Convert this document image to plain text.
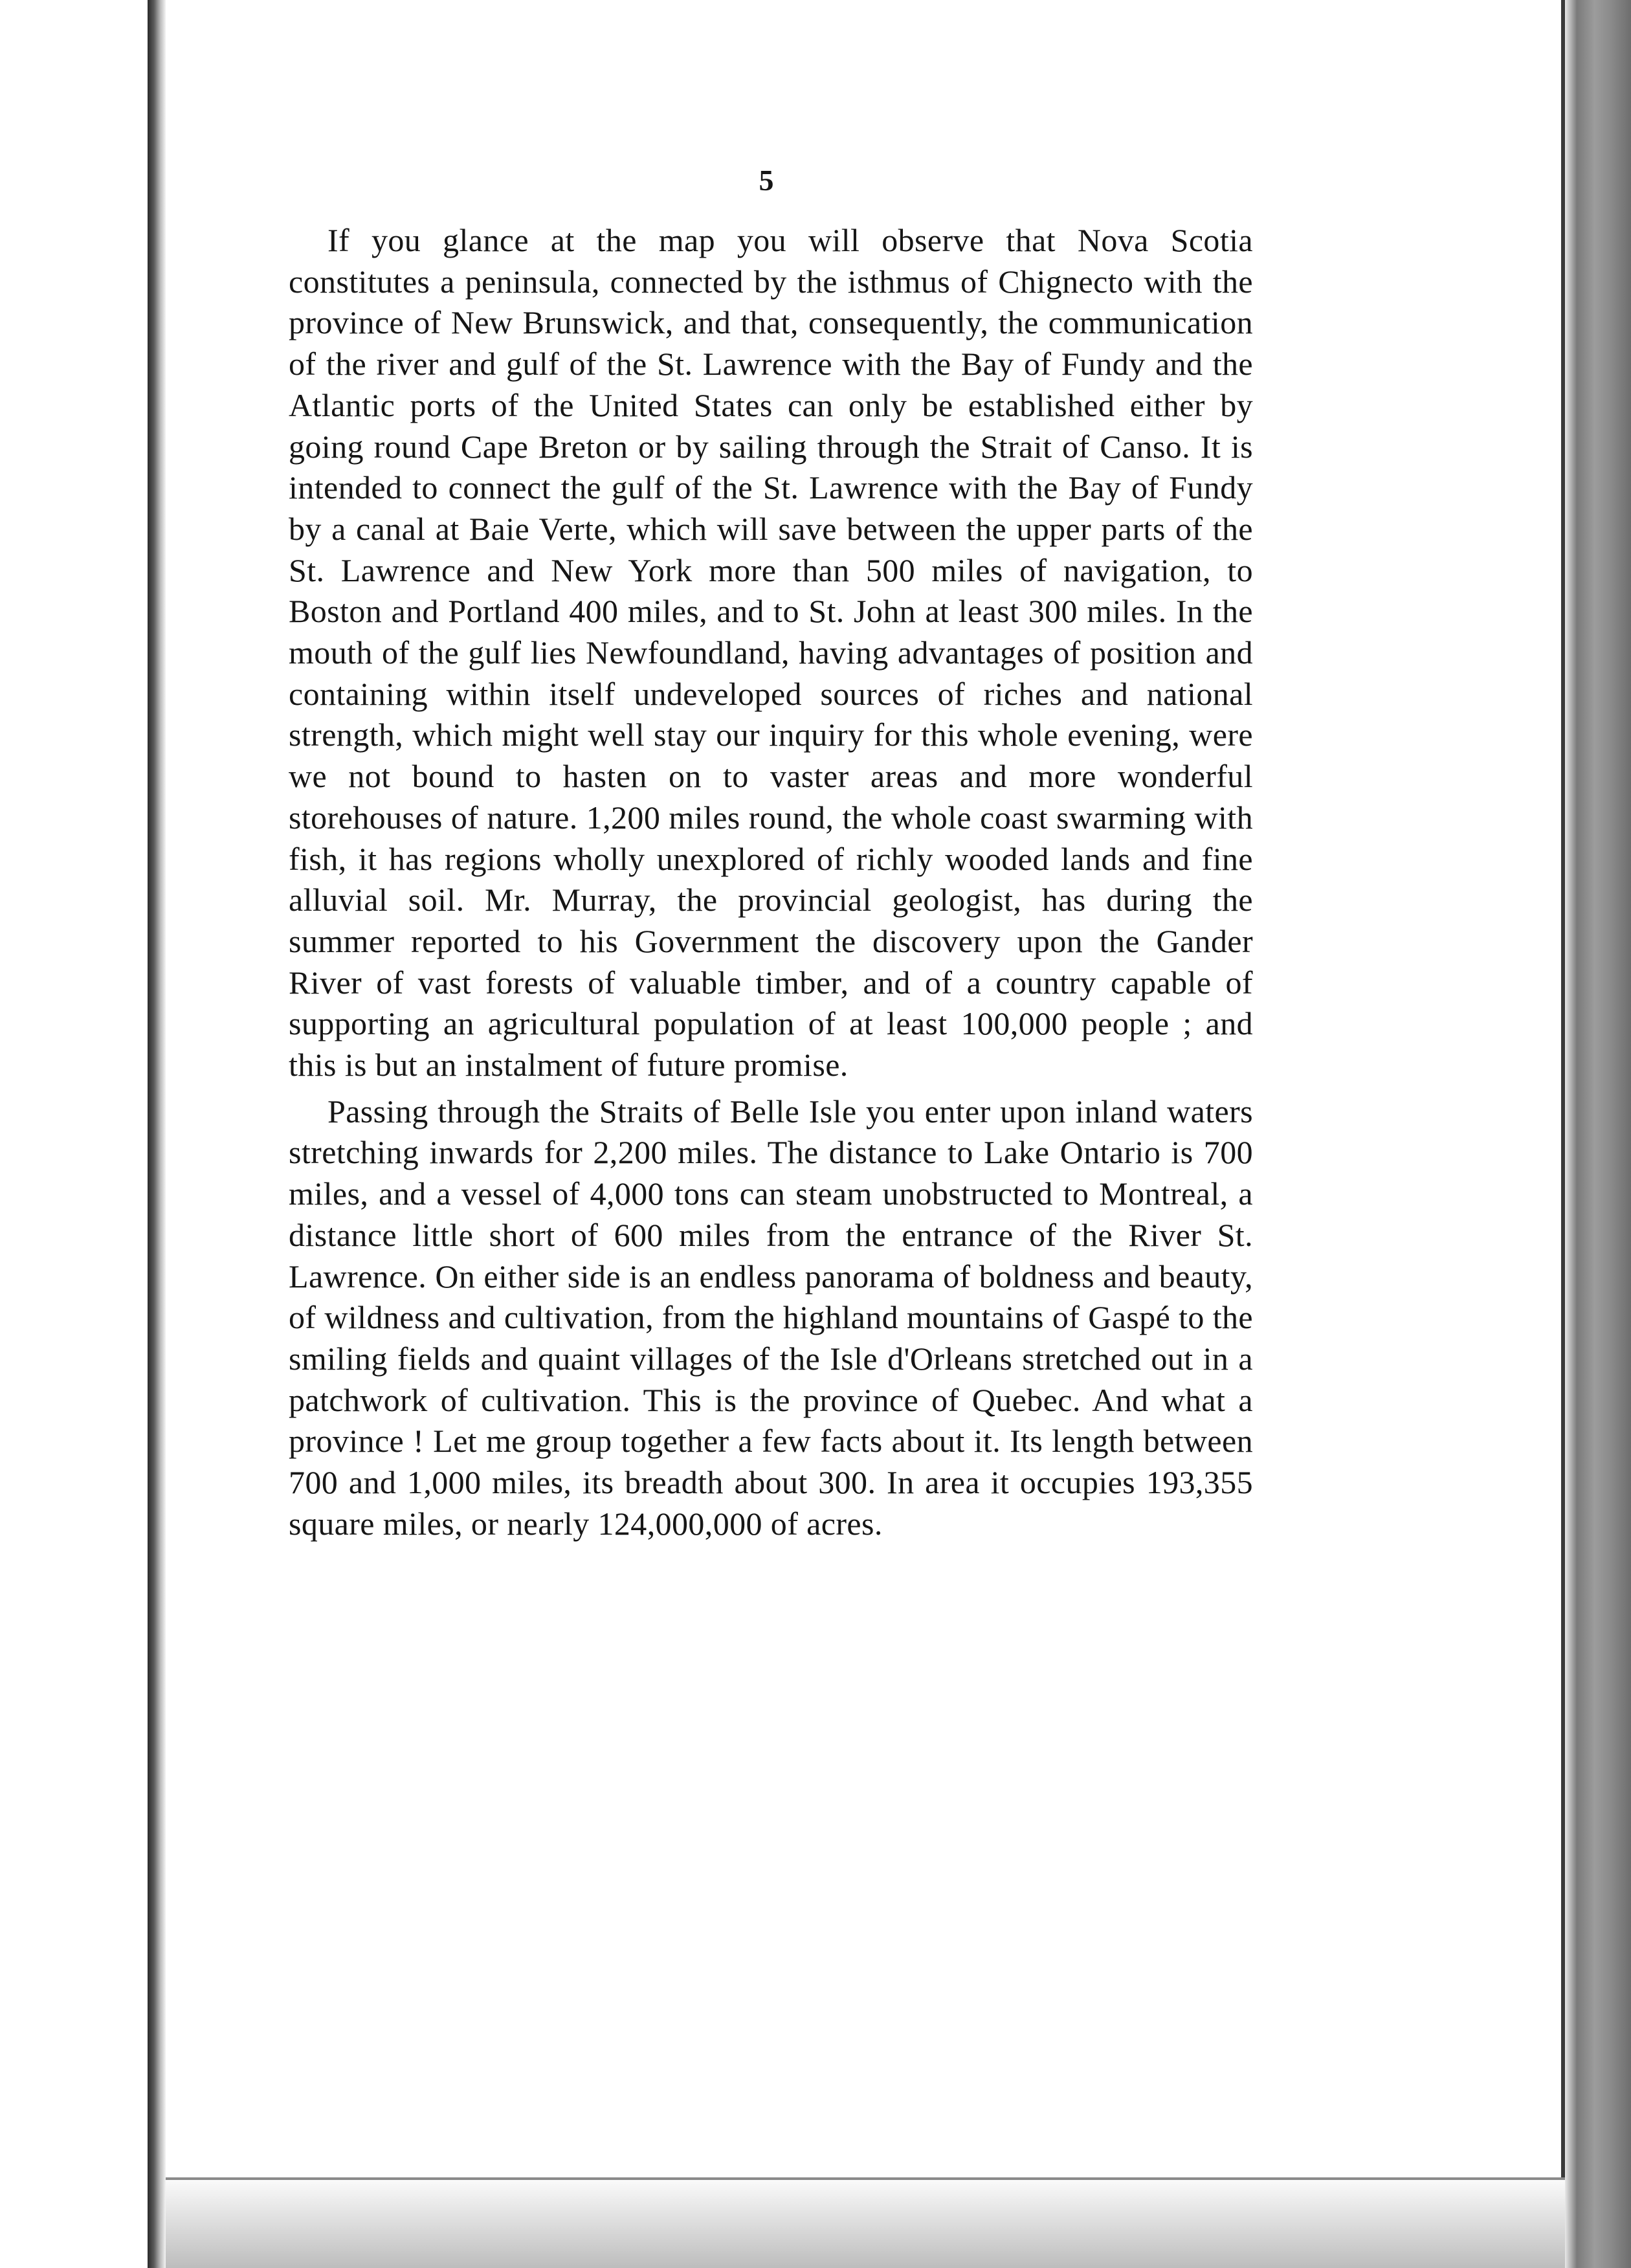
5

If you glance at the map you will observe that Nova Scotia constitutes a peninsula, connected by the isthmus of Chignecto with the province of New Brunswick, and that, consequently, the communication of the river and gulf of the St. Lawrence with the Bay of Fundy and the Atlantic ports of the United States can only be established either by going round Cape Breton or by sailing through the Strait of Canso. It is intended to connect the gulf of the St. Lawrence with the Bay of Fundy by a canal at Baie Verte, which will save between the upper parts of the St. Lawrence and New York more than 500 miles of navigation, to Boston and Portland 400 miles, and to St. John at least 300 miles. In the mouth of the gulf lies Newfoundland, having advantages of position and containing within itself undeveloped sources of riches and national strength, which might well stay our inquiry for this whole evening, were we not bound to hasten on to vaster areas and more wonderful storehouses of nature. 1,200 miles round, the whole coast swarming with fish, it has regions wholly unexplored of richly wooded lands and fine alluvial soil. Mr. Murray, the provincial geologist, has during the summer reported to his Government the discovery upon the Gander River of vast forests of valuable timber, and of a country capable of supporting an agricultural population of at least 100,000 people ; and this is but an instalment of future promise.

Passing through the Straits of Belle Isle you enter upon inland waters stretching inwards for 2,200 miles. The distance to Lake Ontario is 700 miles, and a vessel of 4,000 tons can steam unobstructed to Montreal, a distance little short of 600 miles from the entrance of the River St. Lawrence. On either side is an endless panorama of boldness and beauty, of wildness and cultivation, from the highland mountains of Gaspé to the smiling fields and quaint villages of the Isle d'Orleans stretched out in a patchwork of cultivation. This is the province of Quebec. And what a province ! Let me group together a few facts about it. Its length between 700 and 1,000 miles, its breadth about 300. In area it occupies 193,355 square miles, or nearly 124,000,000 of acres.
